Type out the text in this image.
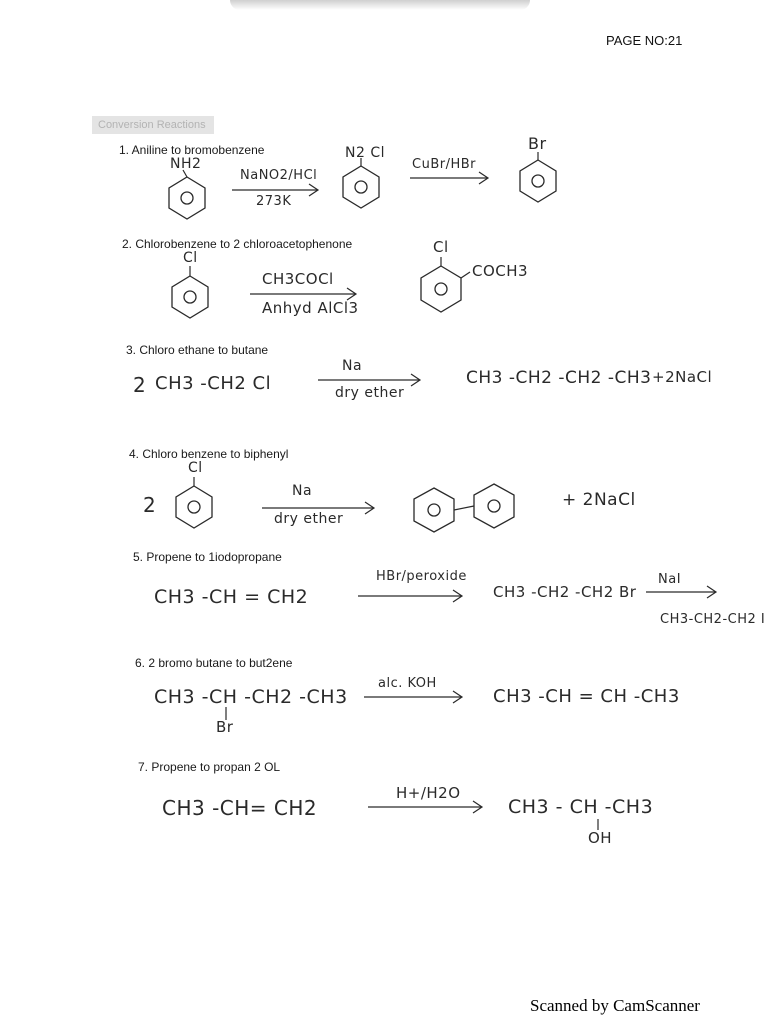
PAGE NO:21
Conversion Reactions
1. Aniline to bromobenzene
NH2
NaNO2/HCl
273K
N2 Cl
CuBr/HBr
Br
2. Chlorobenzene to 2 chloroacetophenone
Cl
CH3COCl
Anhyd AlCl3
Cl
COCH3
3. Chloro ethane to butane
2 CH3 -CH2 Cl
Na
dry ether
CH3 -CH2 -CH2 -CH3 +2NaCl
4. Chloro benzene to biphenyl
2
Cl
Na
dry ether
+ 2NaCl
5. Propene to 1iodopropane
CH3 -CH = CH2
HBr/peroxide
CH3 -CH2 -CH2 Br
NaI
CH3-CH2-CH2 I
6. 2 bromo butane to but2ene
CH3 -CH -CH2 -CH3
Br
alc. KOH
CH3 -CH = CH -CH3
7. Propene to propan 2 OL
CH3 -CH= CH2
H+/H2O
CH3 - CH -CH3
OH
Scanned by CamScanner
